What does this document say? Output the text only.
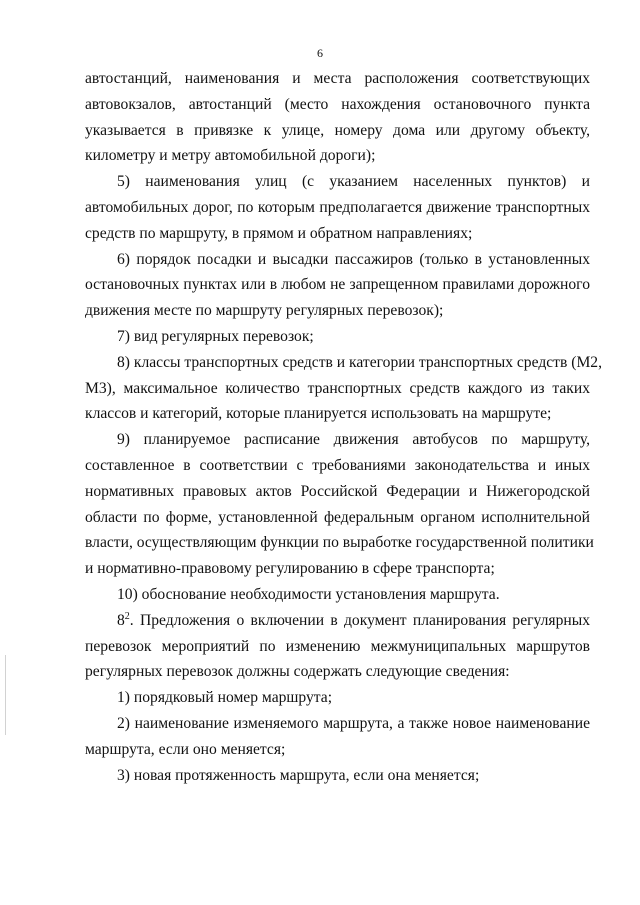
6
автостанций, наименования и места расположения соответствующих
автовокзалов, автостанций (место нахождения остановочного пункта
указывается в привязке к улице, номеру дома или другому объекту,
километру и метру автомобильной дороги);
5) наименования улиц (с указанием населенных пунктов) и
автомобильных дорог, по которым предполагается движение транспортных
средств по маршруту, в прямом и обратном направлениях;
6) порядок посадки и высадки пассажиров (только в установленных
остановочных пунктах или в любом не запрещенном правилами дорожного
движения месте по маршруту регулярных перевозок);
7) вид регулярных перевозок;
8) классы транспортных средств и категории транспортных средств (М2,
М3), максимальное количество транспортных средств каждого из таких
классов и категорий, которые планируется использовать на маршруте;
9) планируемое расписание движения автобусов по маршруту,
составленное в соответствии с требованиями законодательства и иных
нормативных правовых актов Российской Федерации и Нижегородской
области по форме, установленной федеральным органом исполнительной
власти, осуществляющим функции по выработке государственной политики
и нормативно-правовому регулированию в сфере транспорта;
10) обоснование необходимости установления маршрута.
$8^2$. Предложения о включении в документ планирования регулярных
перевозок мероприятий по изменению межмуниципальных маршрутов
регулярных перевозок должны содержать следующие сведения:
1) порядковый номер маршрута;
2) наименование изменяемого маршрута, а также новое наименование
маршрута, если оно меняется;
3) новая протяженность маршрута, если она меняется;
